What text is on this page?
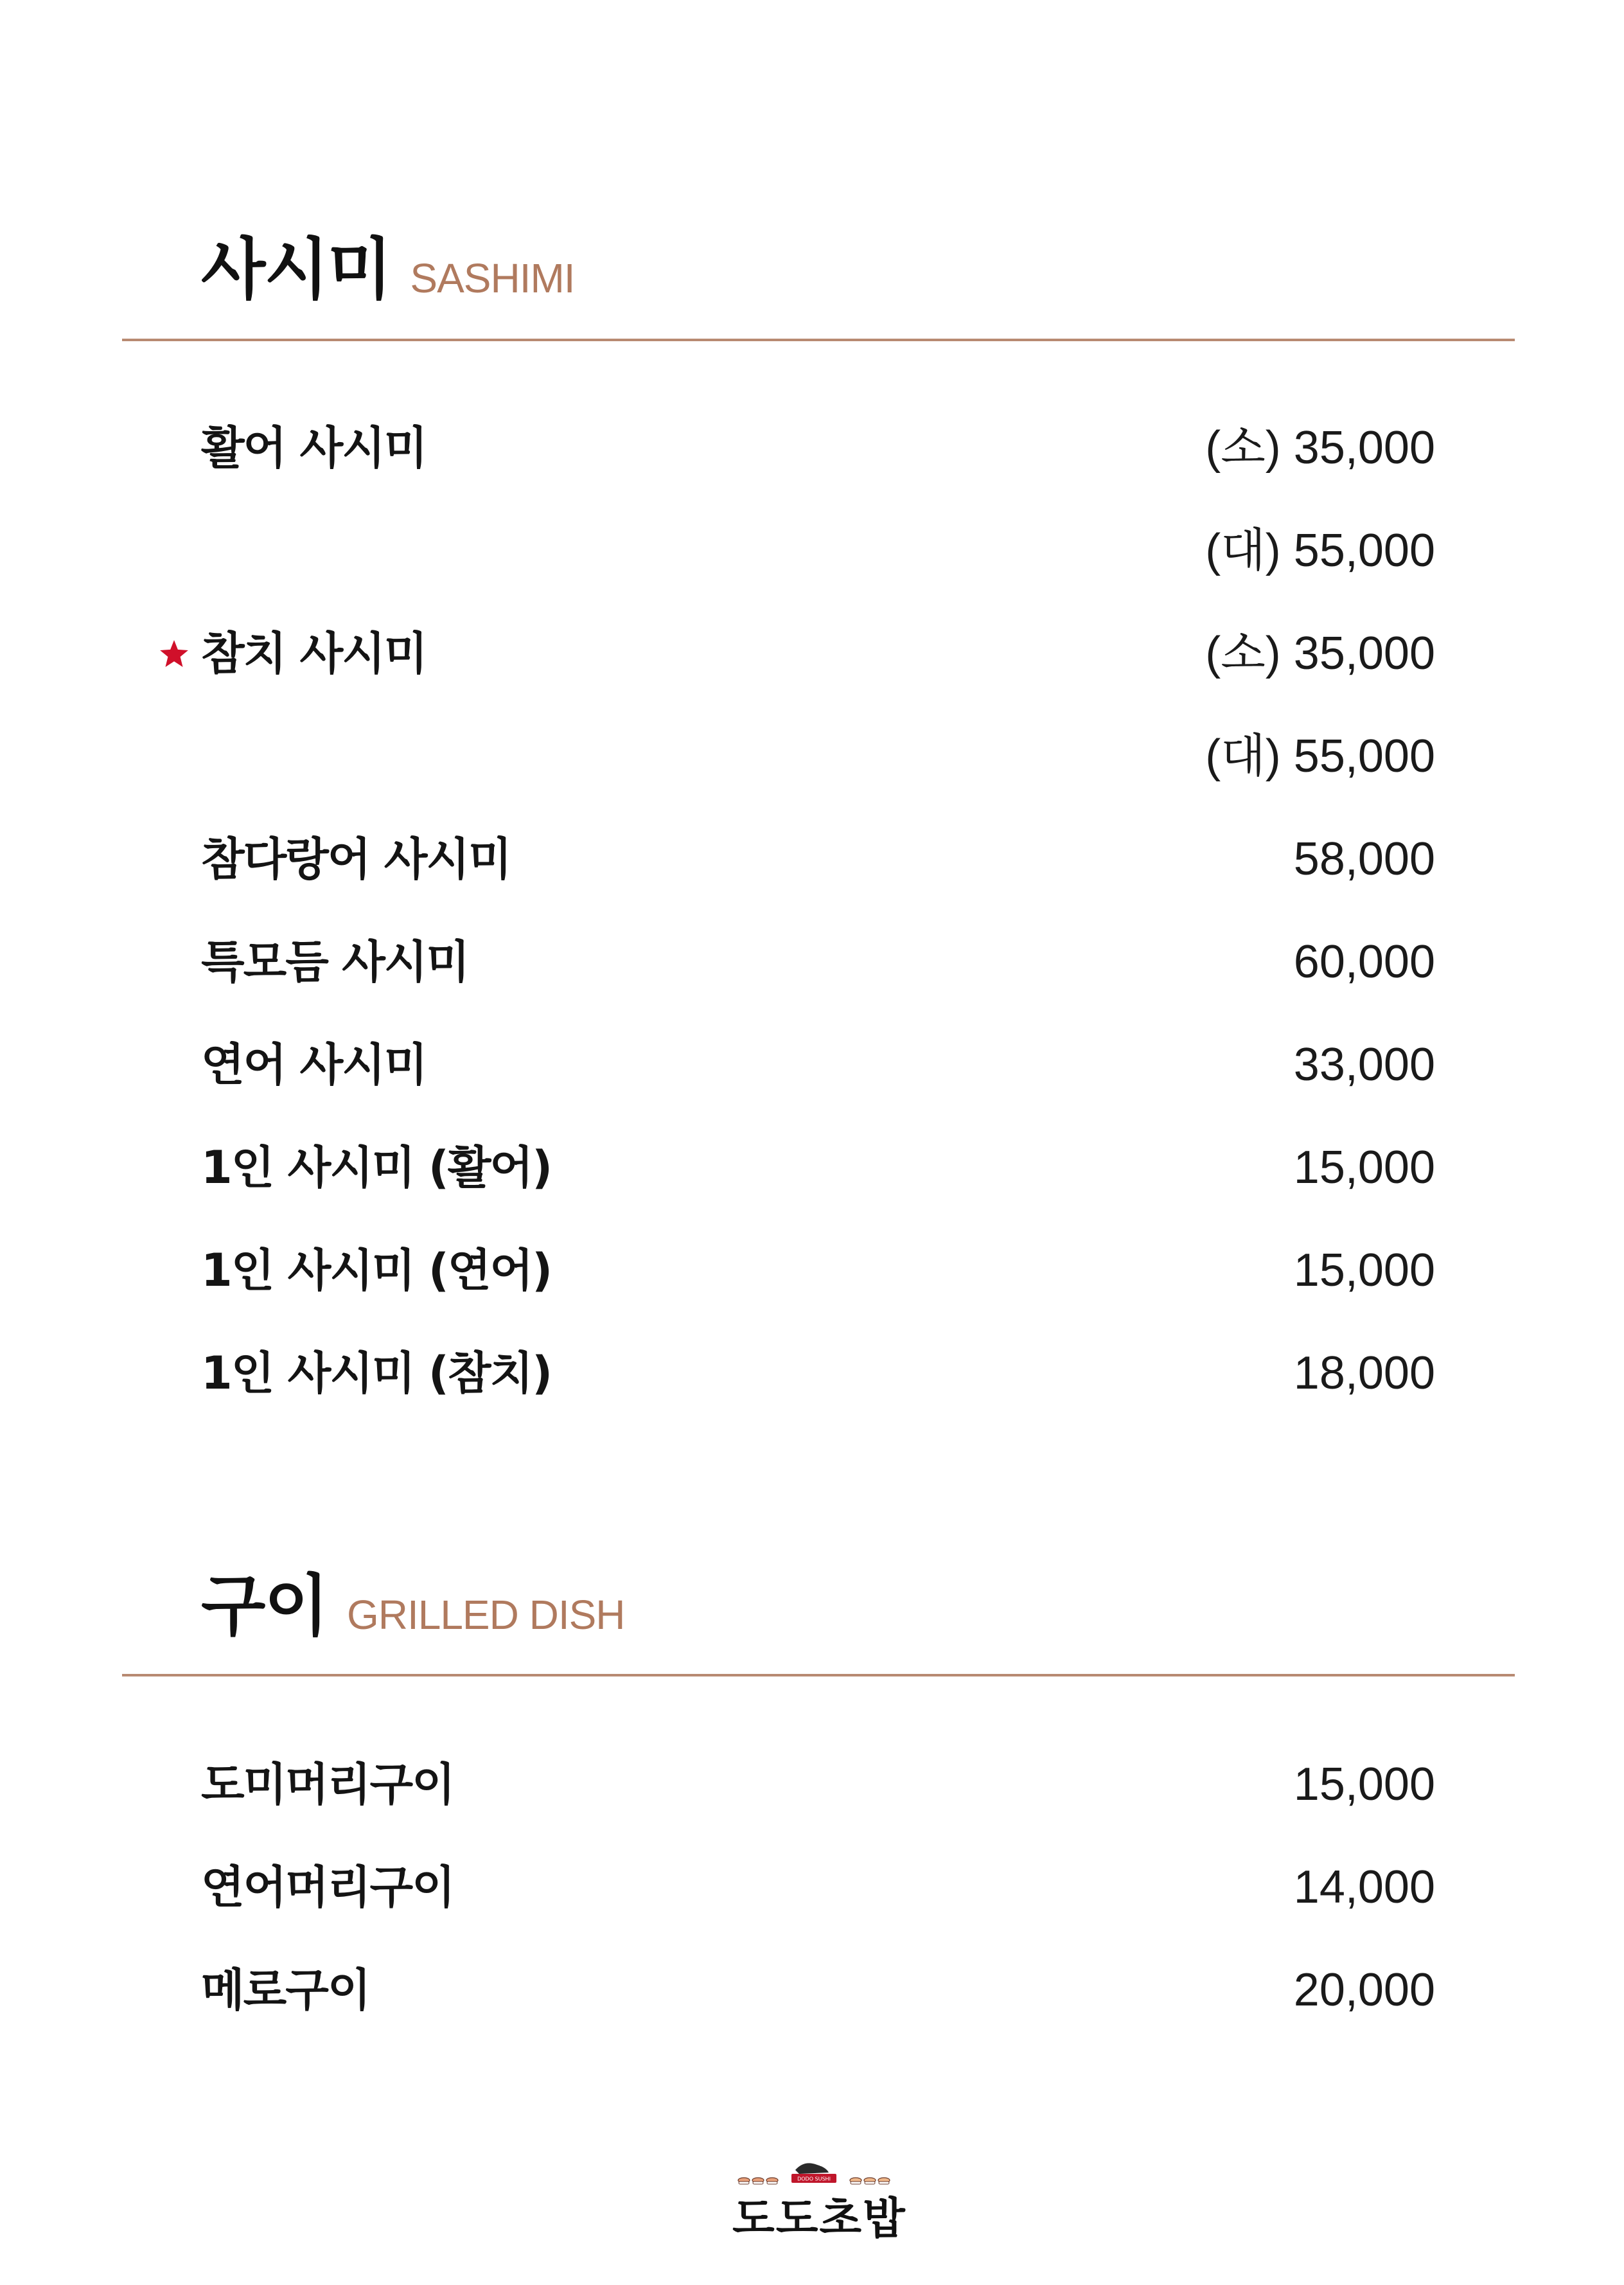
사시미 SASHIMI
활어 사시미	(소) 35,000
(대) 55,000
참치 사시미	(소) 35,000
(대) 55,000
참다랑어 사시미	58,000
특모듬 사시미	60,000
연어 사시미	33,000
1인 사시미 (활어)	15,000
1인 사시미 (연어)	15,000
1인 사시미 (참치)	18,000
구이 GRILLED DISH
도미머리구이	15,000
연어머리구이	14,000
메로구이	20,000
DODO SUSHI
도도초밥
